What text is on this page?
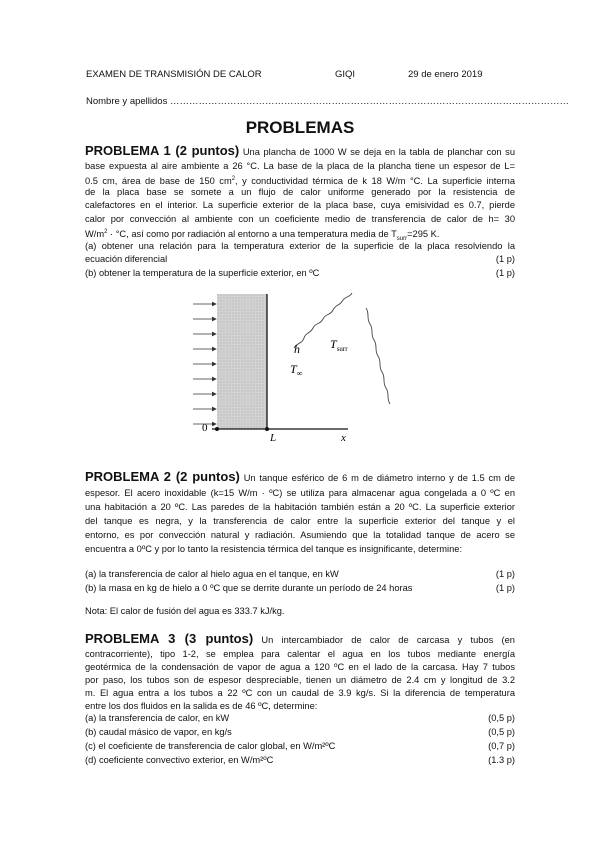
EXAMEN DE TRANSMISIÓN DE CALOR	GIQI	29 de enero 2019
Nombre y apellidos ………………………………………………………………………………………………………………
PROBLEMAS
PROBLEMA 1 (2 puntos) Una plancha de 1000 W se deja en la tabla de planchar con su
base expuesta al aire ambiente a 26 °C. La base de la placa de la plancha tiene un espesor de L=
0.5 cm, área de base de 150 $cm^2$, y conductividad térmica de k 18 W/m °C. La superficie interna
de la placa base se somete a un flujo de calor uniforme generado por la resistencia de
calefactores en el interior. La superficie exterior de la placa base, cuya emisividad es 0.7, pierde
calor por convección al ambiente con un coeficiente medio de transferencia de calor de h= 30
$W/m^2 \cdot ^\circ C$, así como por radiación al entorno a una temperatura media de $T_{surr}=295$ K.
(a) obtener una relación para la temperatura exterior de la superficie de la placa resolviendo la
ecuación diferencial	(1 p)
(b) obtener la temperatura de la superficie exterior, en ºC	(1 p)
h
$T_\infty$
$T_{surr}$
0
L	x
PROBLEMA 2 (2 puntos) Un tanque esférico de 6 m de diámetro interno y de 1.5 cm de
espesor. El acero inoxidable (k=15 W/m · ºC) se utiliza para almacenar agua congelada a 0 ºC en
una habitación a 20 ºC. Las paredes de la habitación también están a 20 ºC. La superficie exterior
del tanque es negra, y la transferencia de calor entre la superficie exterior del tanque y el
entorno, es por convección natural y radiación. Asumiendo que la totalidad tanque de acero se
encuentra a 0ºC y por lo tanto la resistencia térmica del tanque es insignificante, determine:
(a) la transferencia de calor al hielo agua en el tanque, en kW	(1 p)
(b) la masa en kg de hielo a 0 ºC que se derrite durante un período de 24 horas	(1 p)
Nota: El calor de fusión del agua es 333.7 kJ/kg.
PROBLEMA 3 (3 puntos) Un intercambiador de calor de carcasa y tubos (en
contracorriente), tipo 1-2, se emplea para calentar el agua en los tubos mediante energía
geotérmica de la condensación de vapor de agua a 120 ºC en el lado de la carcasa. Hay 7 tubos
por paso, los tubos son de espesor despreciable, tienen un diámetro de 2.4 cm y longitud de 3.2
m. El agua entra a los tubos a 22 ºC con un caudal de 3.9 kg/s. Si la diferencia de temperatura
entre los dos fluidos en la salida es de 46 ºC, determine:
(a) la transferencia de calor, en kW	(0,5 p)
(b) caudal másico de vapor, en kg/s	(0,5 p)
(c) el coeficiente de transferencia de calor global, en W/m²ºC	(0,7 p)
(d) coeficiente convectivo exterior, en W/m²ºC	(1.3 p)
